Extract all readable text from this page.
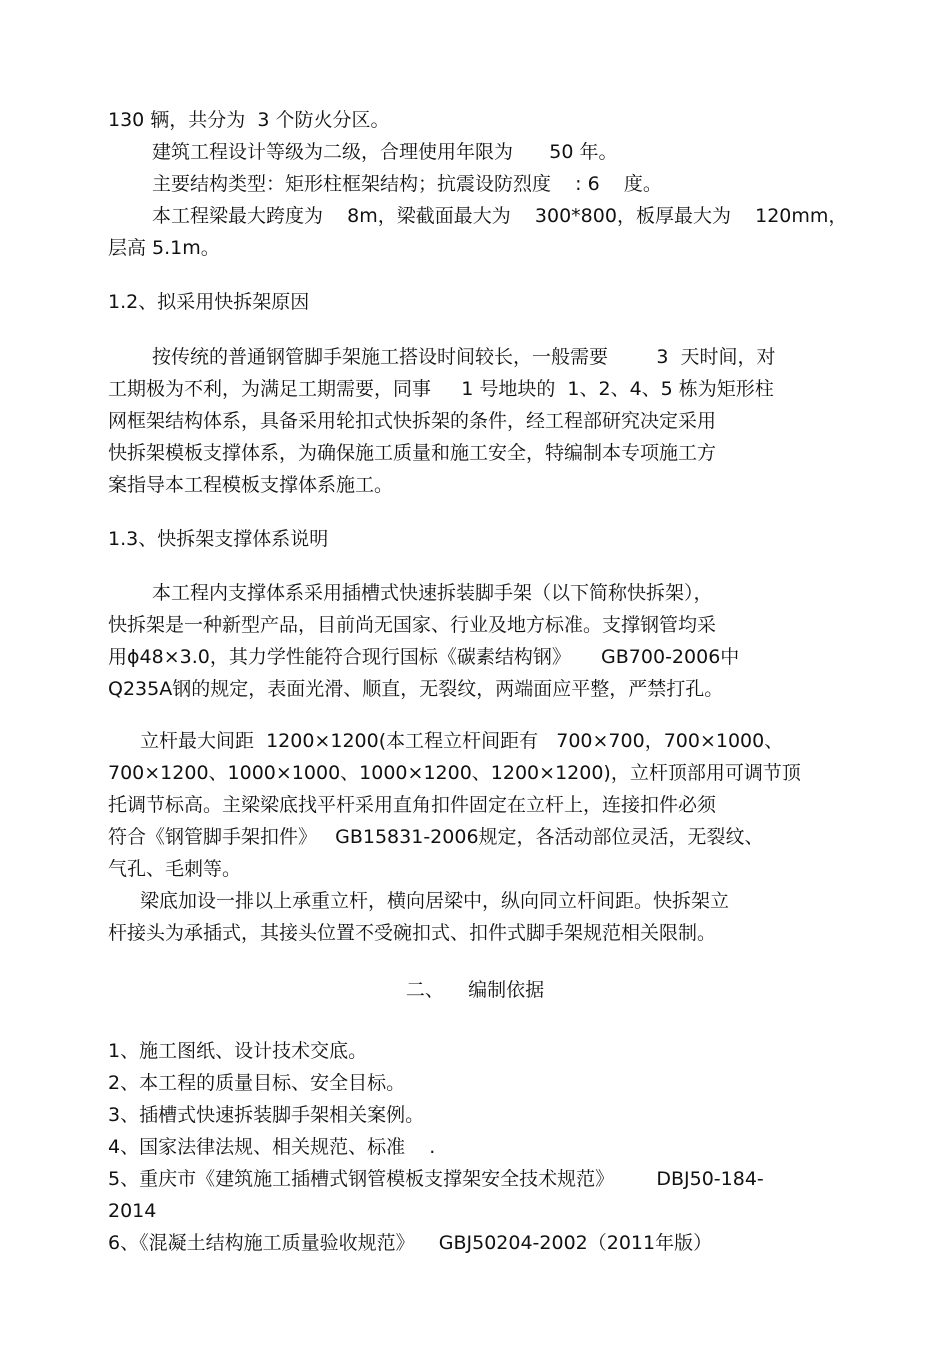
130 辆，共分为  3 个防火分区。
建筑工程设计等级为二级，合理使用年限为      50 年。
主要结构类型：矩形柱框架结构；抗震设防烈度    : 6    度。
本工程梁最大跨度为    8m，梁截面最大为    300*800，板厚最大为    120mm，
层高 5.1m。
1.2、拟采用快拆架原因
按传统的普通钢管脚手架施工搭设时间较长，一般需要        3  天时间，对
工期极为不利，为满足工期需要，同事     1 号地块的  1、2、4、5 栋为矩形柱
网框架结构体系，具备采用轮扣式快拆架的条件，经工程部研究决定采用
快拆架模板支撑体系，为确保施工质量和施工安全，特编制本专项施工方
案指导本工程模板支撑体系施工。
1.3、快拆架支撑体系说明
本工程内支撑体系采用插槽式快速拆装脚手架（以下简称快拆架），
快拆架是一种新型产品，目前尚无国家、行业及地方标准。支撑钢管均采
用ϕ48×3.0，其力学性能符合现行国标《碳素结构钢》     GB700-2006中
Q235A钢的规定，表面光滑、顺直，无裂纹，两端面应平整，严禁打孔。
立杆最大间距  1200×1200(本工程立杆间距有   700×700，700×1000、
700×1200、1000×1000、1000×1200、1200×1200)，立杆顶部用可调节顶
托调节标高。主梁梁底找平杆采用直角扣件固定在立杆上，连接扣件必须
符合《钢管脚手架扣件》   GB15831-2006规定，各活动部位灵活，无裂纹、
气孔、毛刺等。
梁底加设一排以上承重立杆，横向居梁中，纵向同立杆间距。快拆架立
杆接头为承插式，其接头位置不受碗扣式、扣件式脚手架规范相关限制。
二、    编制依据
1、施工图纸、设计技术交底。
2、本工程的质量目标、安全目标。
3、插槽式快速拆装脚手架相关案例。
4、国家法律法规、相关规范、标准    .
5、重庆市《建筑施工插槽式钢管模板支撑架安全技术规范》       DBJ50-184-
2014
6、《混凝土结构施工质量验收规范》    GBJ50204-2002（2011年版）
